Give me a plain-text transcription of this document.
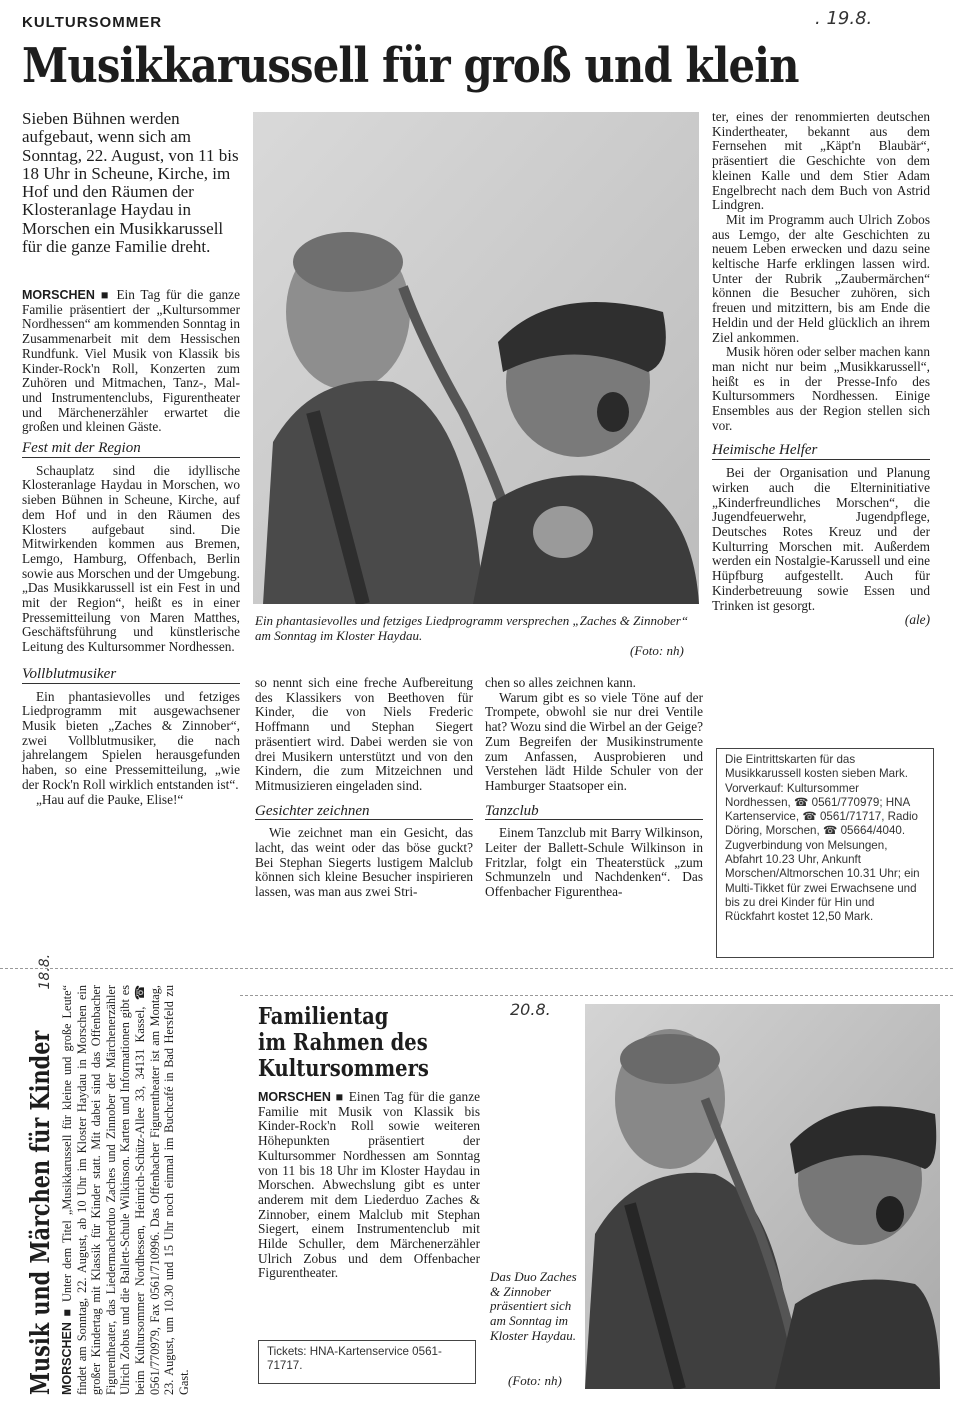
KULTURSOMMER	. 19.8.
Musikkarussell für groß und klein
Sieben Bühnen werden aufgebaut, wenn sich am Sonntag, 22. August, von 11 bis 18 Uhr in Scheune, Kirche, im Hof und den Räumen der Klosteranlage Haydau in Morschen ein Musikkarussell für die ganze Familie dreht.

MORSCHEN ■ Ein Tag für die ganze Familie präsentiert der „Kultursommer Nordhessen“ am kommenden Sonntag in Zusammenarbeit mit dem Hessischen Rundfunk. Viel Musik von Klassik bis Kinder-Rock'n Roll, Konzerten zum Zuhören und Mitmachen, Tanz-, Mal- und Instrumentenclubs, Figurentheater und Märchenerzähler erwartet die großen und kleinen Gäste.

Fest mit der Region

Schauplatz sind die idyllische Klosteranlage Haydau in Morschen, wo sieben Bühnen in Scheune, Kirche, auf dem Hof und in den Räumen des Klosters aufgebaut sind. Die Mitwirkenden kommen aus Bremen, Lemgo, Hamburg, Offenbach, Berlin sowie aus Morschen und der Umgebung. „Das Musikkarussell ist ein Fest in und mit der Region“, heißt es in einer Pressemitteilung von Maren Matthes, Geschäftsführung und künstlerische Leitung des Kultursommer Nordhessen.

Vollblutmusiker

Ein phantasievolles und fetziges Liedprogramm mit ausgewachsener Musik bieten „Zaches & Zinnober“, zwei Vollblutmusiker, die nach jahrelangem Spielen herausgefunden haben, so eine Pressemitteilung, „wie der Rock'n Roll wirklich entstanden ist“.

„Hau auf die Pauke, Elise!“

Ein phantasievolles und fetziges Liedprogramm versprechen „Zaches & Zinnober“ am Sonntag im Kloster Haydau.
(Foto: nh)

so nennt sich eine freche Aufbereitung des Klassikers von Beethoven für Kinder, die von Niels Frederic Hoffmann und Stephan Siegert präsentiert wird. Dabei werden sie von drei Musikern unterstützt und von den Kindern, die zum Mitzeichnen und Mitmusizieren eingeladen sind.

Gesichter zeichnen

Wie zeichnet man ein Gesicht, das lacht, das weint oder das böse guckt? Bei Stephan Siegerts lustigem Malclub können sich kleine Besucher inspirieren lassen, was man aus zwei Stri-

chen so alles zeichnen kann.

Warum gibt es so viele Töne auf der Trompete, obwohl sie nur drei Ventile hat? Wozu sind die Wirbel an der Geige? Zum Begreifen der Musikinstrumente zum Anfassen, Ausprobieren und Verstehen lädt Hilde Schuler von der Hamburger Staatsoper ein.

Tanzclub

Einem Tanzclub mit Barry Wilkinson, Leiter der Ballett-Schule Wilkinson in Fritzlar, folgt ein Theaterstück „zum Schmunzeln und Nachdenken“. Das Offenbacher Figurenthea-

ter, eines der renommierten deutschen Kindertheater, bekannt aus dem Fernsehen mit „Käpt'n Blaubär“, präsentiert die Geschichte von dem kleinen Kalle und dem Stier Adam Engelbrecht nach dem Buch von Astrid Lindgren.

Mit im Programm auch Ulrich Zobos aus Lemgo, der alte Geschichten zu neuem Leben erwecken und dazu seine keltische Harfe erklingen lassen wird. Unter der Rubrik „Zaubermärchen“ können die Besucher zuhören, sich freuen und mitzittern, bis am Ende die Heldin und der Held glücklich an ihrem Ziel ankommen.

Musik hören oder selber machen kann man nicht nur beim „Musikkarussell“, heißt es in der Presse-Info des Kultursommers Nordhessen. Einige Ensembles aus der Region stellen sich vor.

Heimische Helfer

Bei der Organisation und Planung wirken auch die Elterninitiative „Kinderfreundliches Morschen“, die Jugendfeuerwehr, Jugendpflege, Deutsches Rotes Kreuz und der Kulturring Morschen mit. Außerdem werden ein Nostalgie-Karussell und eine Hüpfburg aufgestellt. Auch für Kinderbetreuung sowie Essen und Trinken ist gesorgt.

(ale)
Die Eintrittskarten für das Musikkarussell kosten sieben Mark. Vorverkauf: Kultursommer Nordhessen, ☎ 0561/770979; HNA Kartenservice, ☎ 0561/71717, Radio Döring, Morschen, ☎ 05664/4040. Zugverbindung von Melsungen, Abfahrt 10.23 Uhr, Ankunft Morschen/Altmorschen 10.31 Uhr; ein Multi-Tikket für zwei Erwachsene und bis zu drei Kinder für Hin und Rückfahrt kostet 12,50 Mark.
Musik und Märchen für Kinder
18.8.
MORSCHEN ■ Unter dem Titel „Musikkarussell für kleine und große Leute“ findet am Sonntag, 22. August, ab 10 Uhr im Kloster Haydau in Morschen ein großer Kindertag mit Klassik für Kinder statt. Mit dabei sind das Offenbacher Figurentheater, das Liedermacherduo Zaches und Zinnober der Märchenerzähler Ulrich Zobus und die Ballett-Schule Wilkinson. Karten und Informationen gibt es beim Kultursommer Nordhessen, Heinrich-Schütz-Allee 33, 34131 Kassel, ☎ 0561/770979, Fax 0561/710996. Das Offenbacher Figurentheater ist am Montag, 23. August, um 10.30 und 15 Uhr noch einmal im Buchcafé in Bad Hersfeld zu Gast.
Familientag
im Rahmen des
Kultursommers
20.8.

MORSCHEN ■ Einen Tag für die ganze Familie mit Musik von Klassik bis Kinder-Rock'n Roll sowie weiteren Höhepunkten präsentiert der Kultursommer Nordhessen am Sonntag von 11 bis 18 Uhr im Kloster Haydau in Morschen. Abwechslung gibt es unter anderem mit dem Liederduo Zaches & Zinnober, einem Malclub mit Stephan Siegert, einem Instrumentenclub mit Hilde Schuller, dem Märchenerzähler Ulrich Zobus und dem Offenbacher Figurentheater.

Tickets: HNA-Kartenservice 0561-71717.
Das Duo Zaches & Zinnober präsentiert sich am Sonntag im Kloster Haydau.
(Foto: nh)
